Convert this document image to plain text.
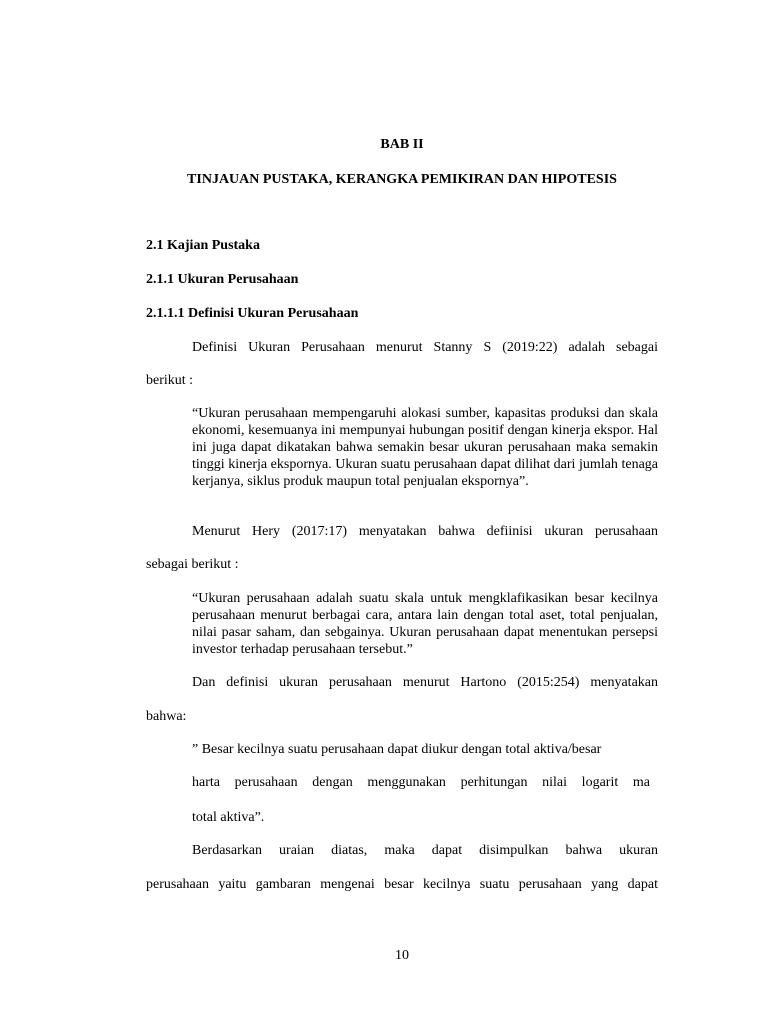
BAB II

TINJAUAN PUSTAKA, KERANGKA PEMIKIRAN DAN HIPOTESIS

2.1 Kajian Pustaka

2.1.1 Ukuran Perusahaan

2.1.1.1 Definisi Ukuran Perusahaan

Definisi Ukuran Perusahaan menurut Stanny S (2019:22) adalah sebagai

berikut :

“Ukuran perusahaan mempengaruhi alokasi sumber, kapasitas produksi dan skala ekonomi, kesemuanya ini mempunyai hubungan positif dengan kinerja ekspor. Hal ini juga dapat dikatakan bahwa semakin besar ukuran perusahaan maka semakin tinggi kinerja ekspornya. Ukuran suatu perusahaan dapat dilihat dari jumlah tenaga kerjanya, siklus produk maupun total penjualan ekspornya”.

Menurut Hery (2017:17) menyatakan bahwa defiinisi ukuran perusahaan

sebagai berikut :

“Ukuran perusahaan adalah suatu skala untuk mengklafikasikan besar kecilnya perusahaan menurut berbagai cara, antara lain dengan total aset, total penjualan, nilai pasar saham, dan sebgainya. Ukuran perusahaan dapat menentukan persepsi investor terhadap perusahaan tersebut.”

Dan definisi ukuran perusahaan menurut Hartono (2015:254) menyatakan

bahwa:

” Besar kecilnya suatu perusahaan dapat diukur dengan total aktiva/besar

harta perusahaan dengan menggunakan perhitungan nilai logarit ma

total aktiva”.

Berdasarkan uraian diatas, maka dapat disimpulkan bahwa ukuran

perusahaan yaitu gambaran mengenai besar kecilnya suatu perusahaan yang dapat

10
